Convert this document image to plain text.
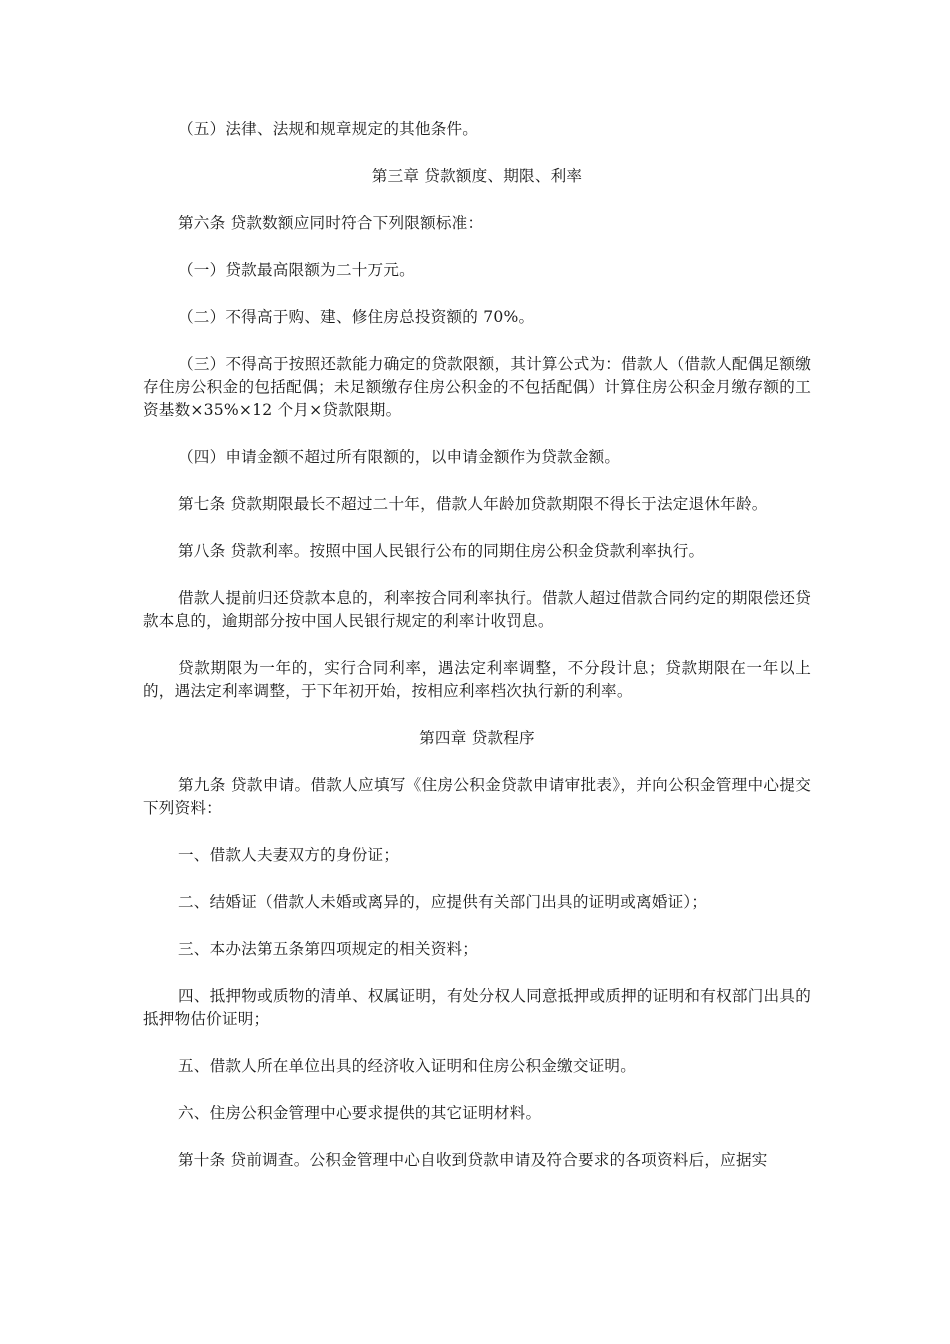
（五）法律、法规和规章规定的其他条件。

第三章 贷款额度、期限、利率

第六条 贷款数额应同时符合下列限额标准：

（一）贷款最高限额为二十万元。

（二）不得高于购、建、修住房总投资额的 70%。

（三）不得高于按照还款能力确定的贷款限额，其计算公式为：借款人（借款人配偶足额缴存住房公积金的包括配偶；未足额缴存住房公积金的不包括配偶）计算住房公积金月缴存额的工资基数×35%×12 个月×贷款限期。

（四）申请金额不超过所有限额的，以申请金额作为贷款金额。

第七条 贷款期限最长不超过二十年，借款人年龄加贷款期限不得长于法定退休年龄。

第八条 贷款利率。按照中国人民银行公布的同期住房公积金贷款利率执行。

借款人提前归还贷款本息的，利率按合同利率执行。借款人超过借款合同约定的期限偿还贷款本息的，逾期部分按中国人民银行规定的利率计收罚息。

贷款期限为一年的，实行合同利率，遇法定利率调整，不分段计息；贷款期限在一年以上的，遇法定利率调整，于下年初开始，按相应利率档次执行新的利率。

第四章 贷款程序

第九条 贷款申请。借款人应填写《住房公积金贷款申请审批表》，并向公积金管理中心提交下列资料：

一、借款人夫妻双方的身份证；

二、结婚证（借款人未婚或离异的，应提供有关部门出具的证明或离婚证）；

三、本办法第五条第四项规定的相关资料；

四、抵押物或质物的清单、权属证明，有处分权人同意抵押或质押的证明和有权部门出具的抵押物估价证明；

五、借款人所在单位出具的经济收入证明和住房公积金缴交证明。

六、住房公积金管理中心要求提供的其它证明材料。

第十条 贷前调查。公积金管理中心自收到贷款申请及符合要求的各项资料后，应据实
